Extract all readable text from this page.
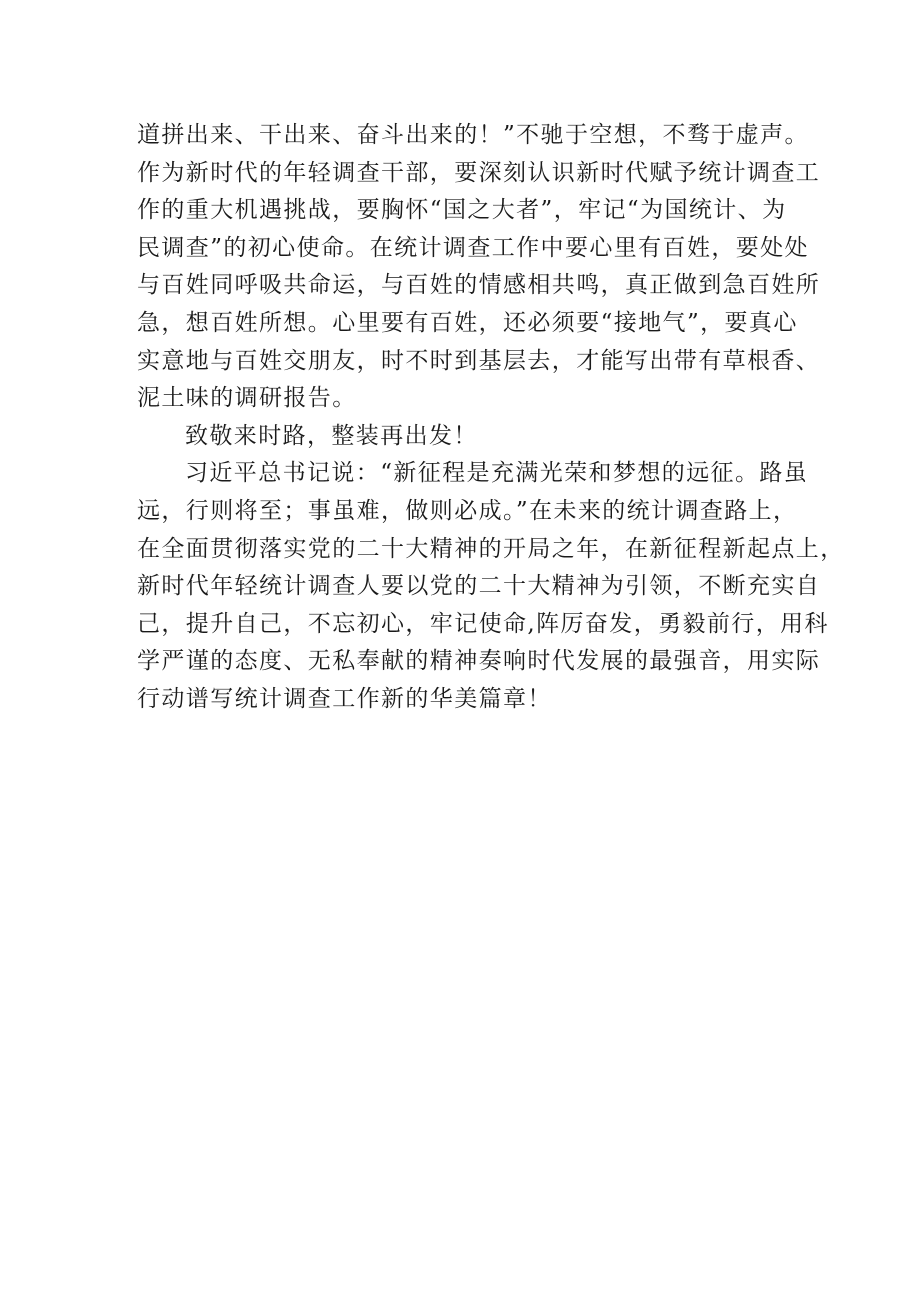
道拼出来、干出来、奋斗出来的！”不驰于空想，不骛于虚声。
作为新时代的年轻调查干部，要深刻认识新时代赋予统计调查工
作的重大机遇挑战，要胸怀“国之大者”，牢记“为国统计、为
民调查”的初心使命。在统计调查工作中要心里有百姓，要处处
与百姓同呼吸共命运，与百姓的情感相共鸣，真正做到急百姓所
急，想百姓所想。心里要有百姓，还必须要“接地气”，要真心
实意地与百姓交朋友，时不时到基层去，才能写出带有草根香、
泥土味的调研报告。
致敬来时路，整装再出发！
习近平总书记说：“新征程是充满光荣和梦想的远征。路虽
远，行则将至；事虽难，做则必成。”在未来的统计调查路上，
在全面贯彻落实党的二十大精神的开局之年，在新征程新起点上，
新时代年轻统计调查人要以党的二十大精神为引领，不断充实自
己，提升自己，不忘初心，牢记使命,阵厉奋发，勇毅前行，用科
学严谨的态度、无私奉献的精神奏响时代发展的最强音，用实际
行动谱写统计调查工作新的华美篇章！
